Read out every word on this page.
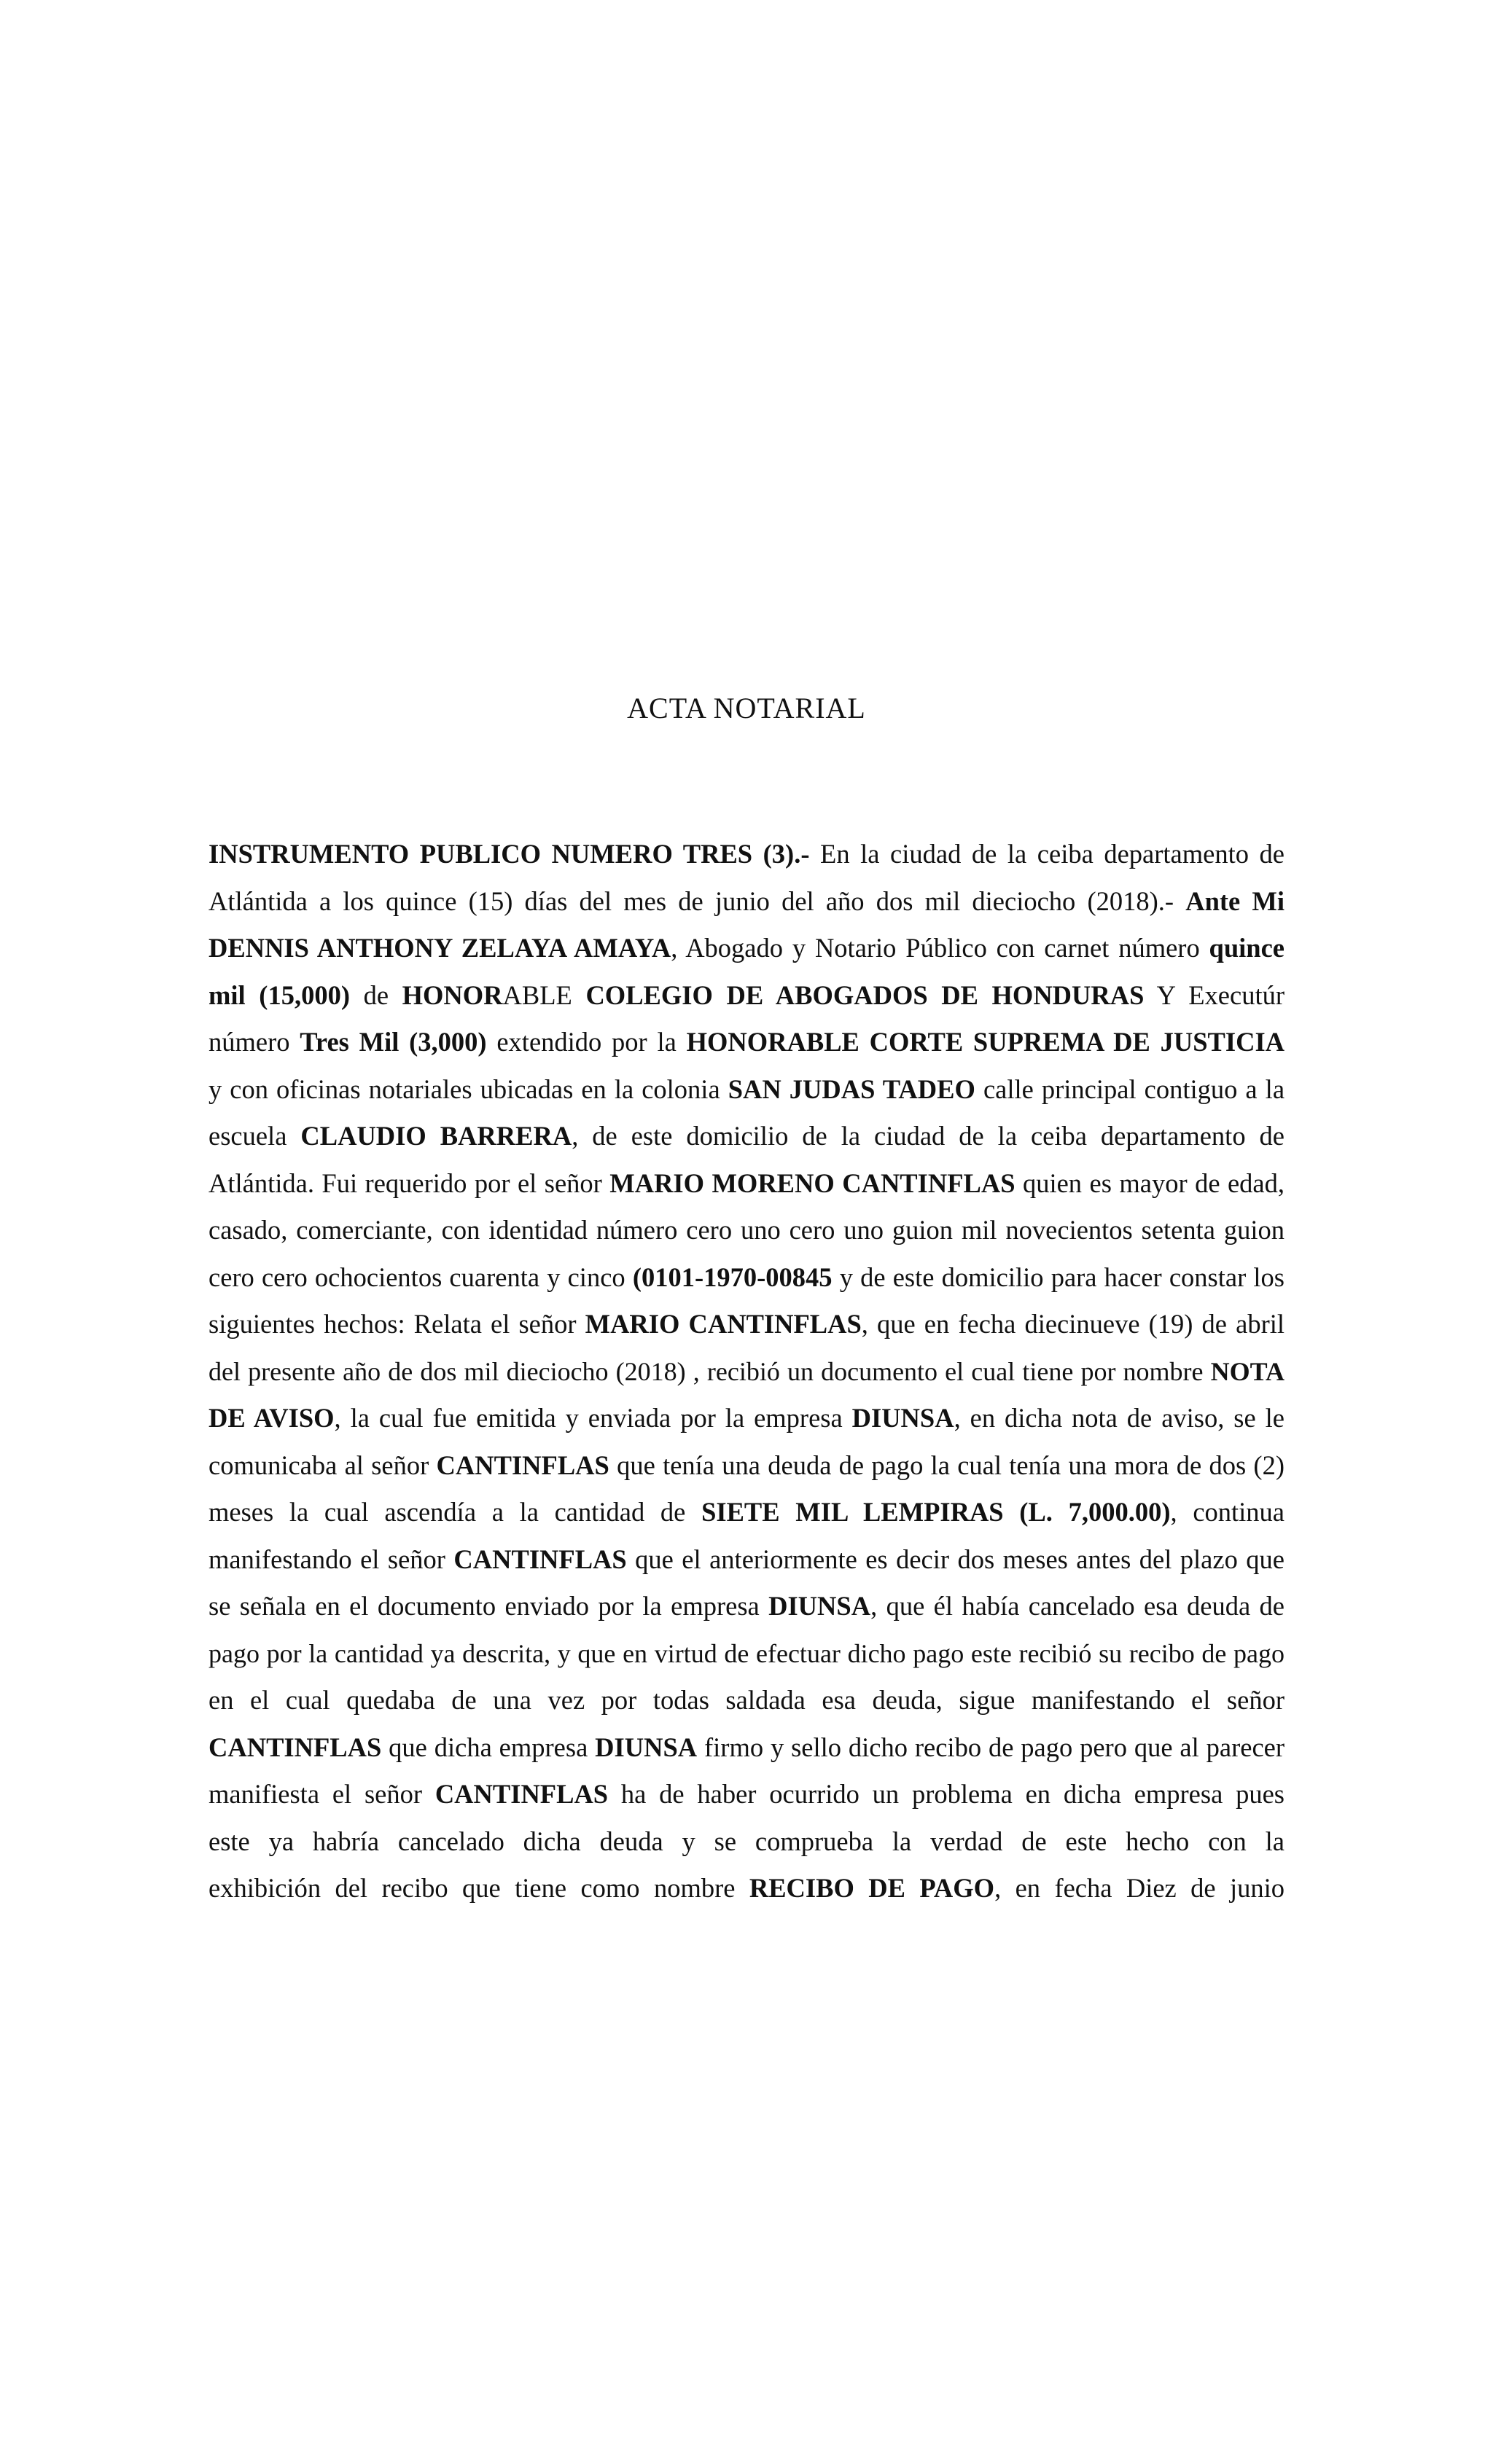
ACTA NOTARIAL
INSTRUMENTO PUBLICO NUMERO TRES (3).- En la ciudad de la ceiba departamento de
Atlántida a los quince (15) días del mes de junio del año dos mil dieciocho (2018).- Ante Mi
DENNIS ANTHONY ZELAYA AMAYA, Abogado y Notario Público con carnet número quince
mil (15,000) de HONORABLE COLEGIO DE ABOGADOS DE HONDURAS Y Executúr
número Tres Mil (3,000) extendido por la HONORABLE CORTE SUPREMA DE JUSTICIA
y con oficinas notariales ubicadas en la colonia SAN JUDAS TADEO calle principal contiguo a la
escuela CLAUDIO BARRERA, de este domicilio de la ciudad de la ceiba departamento de
Atlántida. Fui requerido por el señor MARIO MORENO CANTINFLAS quien es mayor de edad,
casado, comerciante, con identidad número cero uno cero uno guion mil novecientos setenta guion
cero cero ochocientos cuarenta y cinco (0101-1970-00845 y de este domicilio para hacer constar los
siguientes hechos: Relata el señor MARIO CANTINFLAS, que en fecha diecinueve (19) de abril
del presente año de dos mil dieciocho (2018) , recibió un documento el cual tiene por nombre NOTA
DE AVISO, la cual fue emitida y enviada por la empresa DIUNSA, en dicha nota de aviso, se le
comunicaba al señor CANTINFLAS que tenía una deuda de pago la cual tenía una mora de dos (2)
meses la cual ascendía a la cantidad de SIETE MIL LEMPIRAS (L. 7,000.00), continua
manifestando el señor CANTINFLAS que el anteriormente es decir dos meses antes del plazo que
se señala en el documento enviado por la empresa DIUNSA, que él había cancelado esa deuda de
pago por la cantidad ya descrita, y que en virtud de efectuar dicho pago este recibió su recibo de pago
en el cual quedaba de una vez por todas saldada esa deuda, sigue manifestando el señor
CANTINFLAS que dicha empresa DIUNSA firmo y sello dicho recibo de pago pero que al parecer
manifiesta el señor CANTINFLAS ha de haber ocurrido un problema en dicha empresa pues
este ya habría cancelado dicha deuda y se comprueba la verdad de este hecho con la
exhibición del recibo que tiene como nombre RECIBO DE PAGO, en fecha Diez de junio
